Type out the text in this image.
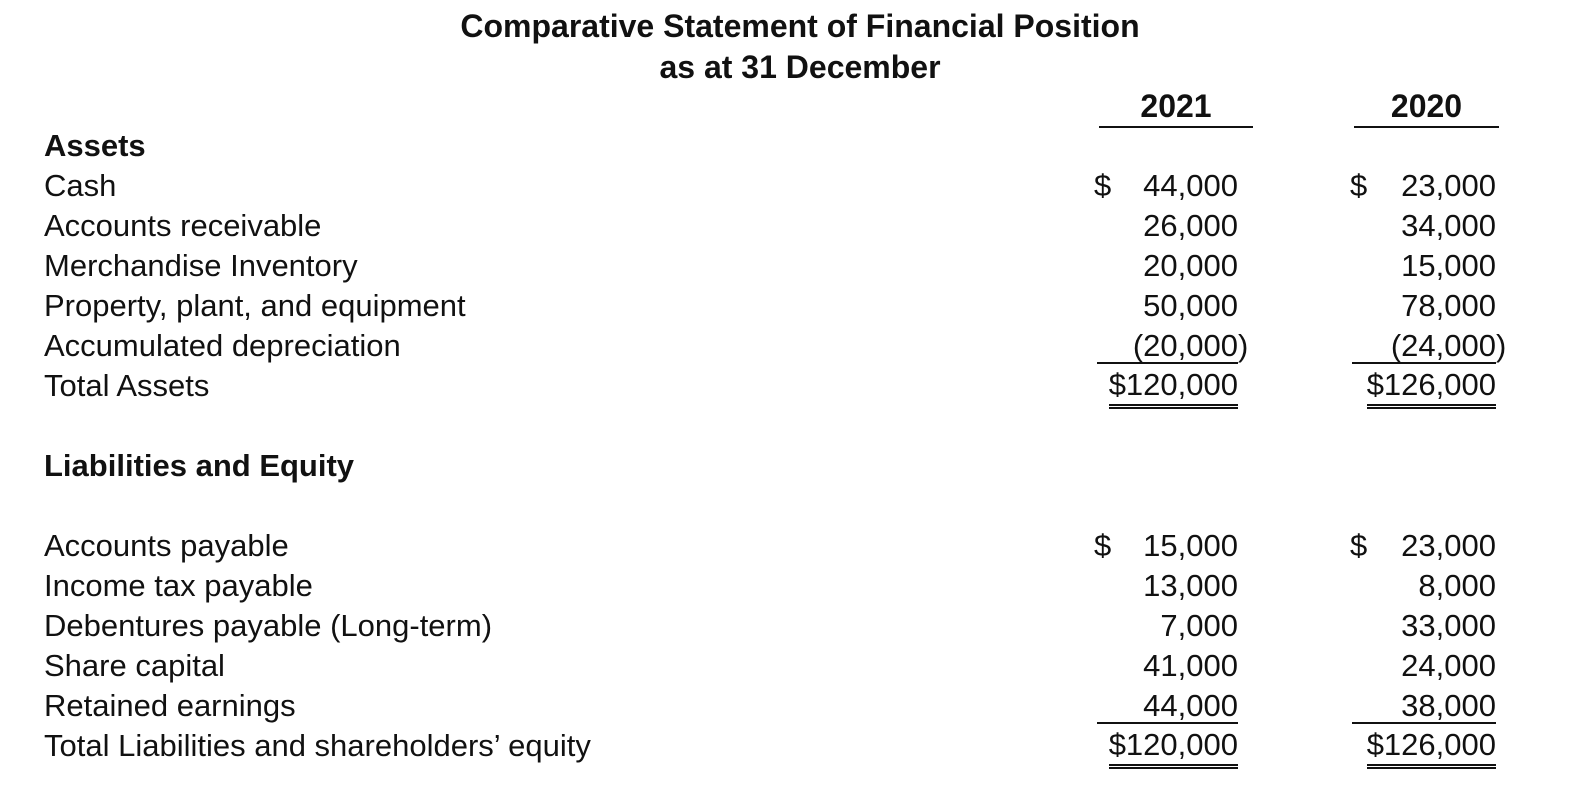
Comparative Statement of Financial Position
as at 31 December
2021	2020
Assets
Cash	$ 44,000	$ 23,000
Accounts receivable	26,000	34,000
Merchandise Inventory	20,000	15,000
Property, plant, and equipment	50,000	78,000
Accumulated depreciation	(20,000 )	(24,000 )
Total Assets	$120,000	$126,000
Liabilities and Equity
Accounts payable	$ 15,000	$ 23,000
Income tax payable	13,000	8,000
Debentures payable (Long-term)	7,000	33,000
Share capital	41,000	24,000
Retained earnings	44,000	38,000
Total Liabilities and shareholders’ equity	$120,000	$126,000
